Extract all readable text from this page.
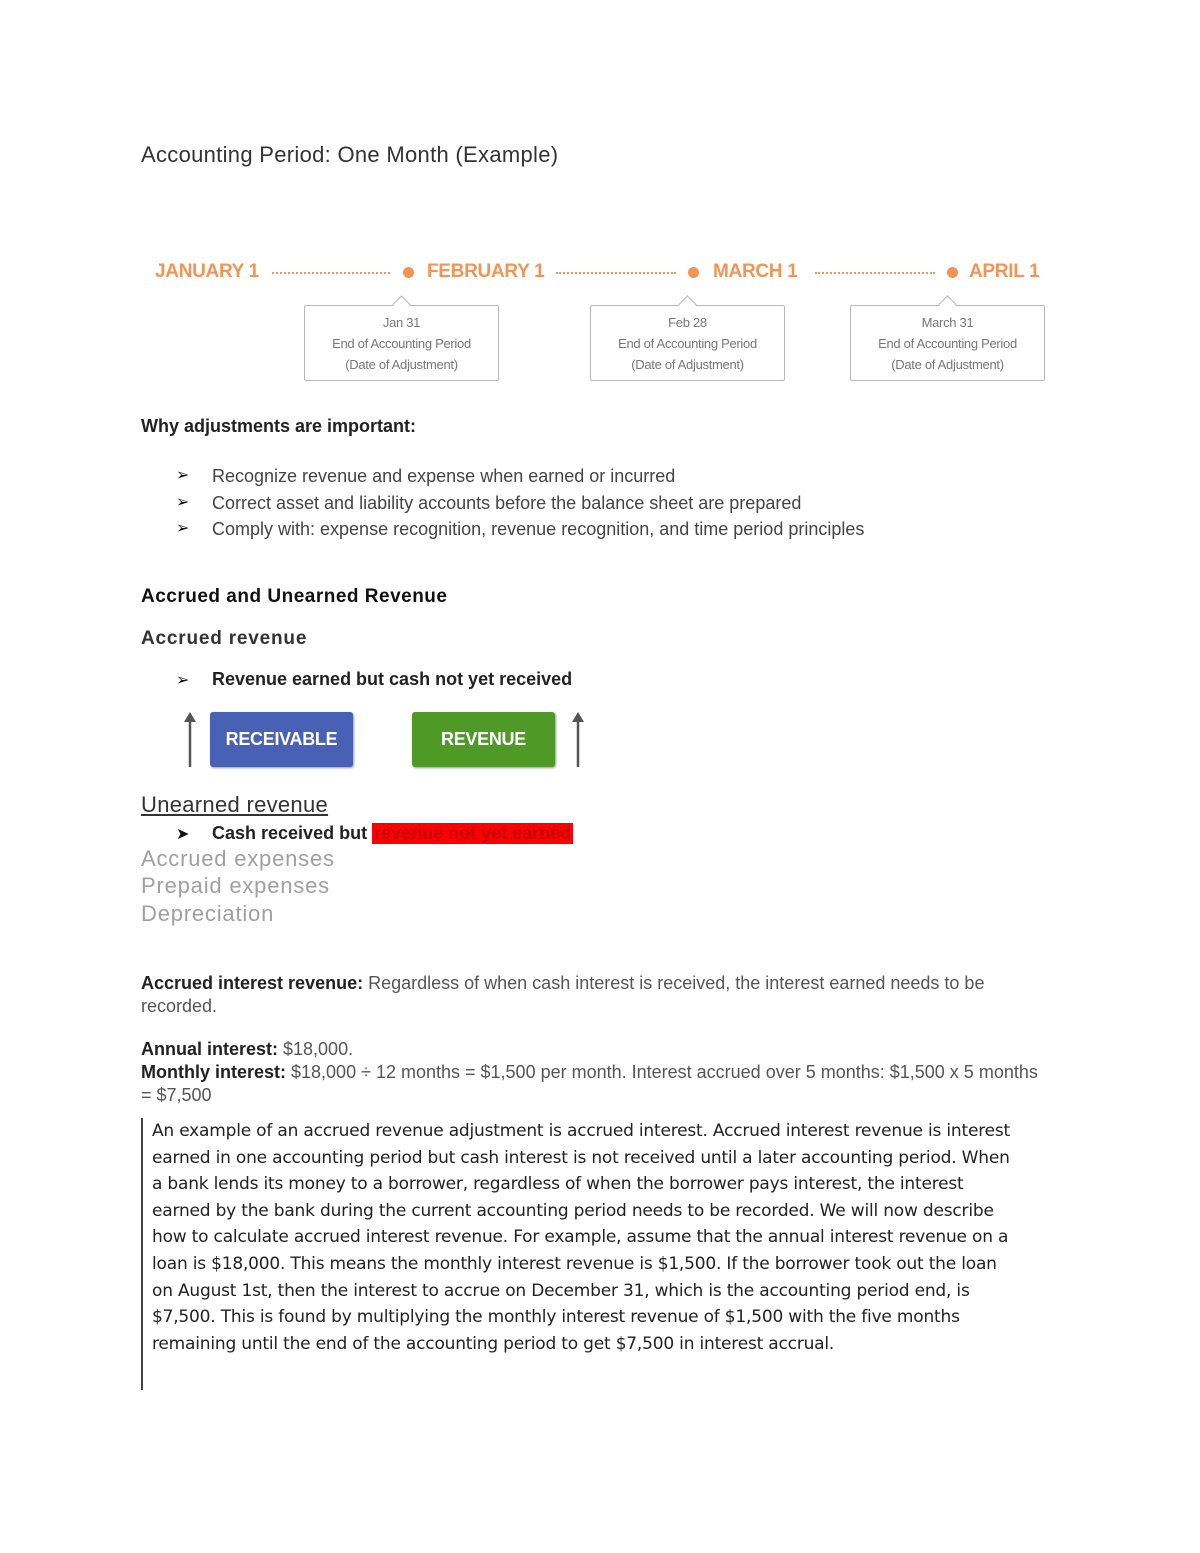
Accounting Period: One Month (Example)
JANUARY 1	FEBRUARY 1	MARCH 1	APRIL 1
Jan 31
End of Accounting Period
(Date of Adjustment)
Feb 28
End of Accounting Period
(Date of Adjustment)
March 31
End of Accounting Period
(Date of Adjustment)
Why adjustments are important:
➢	Recognize revenue and expense when earned or incurred
➢	Correct asset and liability accounts before the balance sheet are prepared
➢	Comply with: expense recognition, revenue recognition, and time period principles
Accrued and Unearned Revenue
Accrued revenue
➢	Revenue earned but cash not yet received
RECEIVABLE	REVENUE
Unearned revenue
➤	Cash received but
revenue not yet earned
Accrued expenses
Prepaid expenses
Depreciation
Accrued interest revenue: Regardless of when cash interest is received, the interest earned needs to be recorded.
Annual interest: $18,000.
Monthly interest: $18,000 ÷ 12 months = $1,500 per month. Interest accrued over 5 months: $1,500 x 5 months = $7,500
An example of an accrued revenue adjustment is accrued interest. Accrued interest revenue is interest earned in one accounting period but cash interest is not received until a later accounting period. When a bank lends its money to a borrower, regardless of when the borrower pays interest, the interest earned by the bank during the current accounting period needs to be recorded. We will now describe how to calculate accrued interest revenue. For example, assume that the annual interest revenue on a loan is $18,000. This means the monthly interest revenue is $1,500. If the borrower took out the loan on August 1st, then the interest to accrue on December 31, which is the accounting period end, is $7,500. This is found by multiplying the monthly interest revenue of $1,500 with the five months remaining until the end of the accounting period to get $7,500 in interest accrual.
